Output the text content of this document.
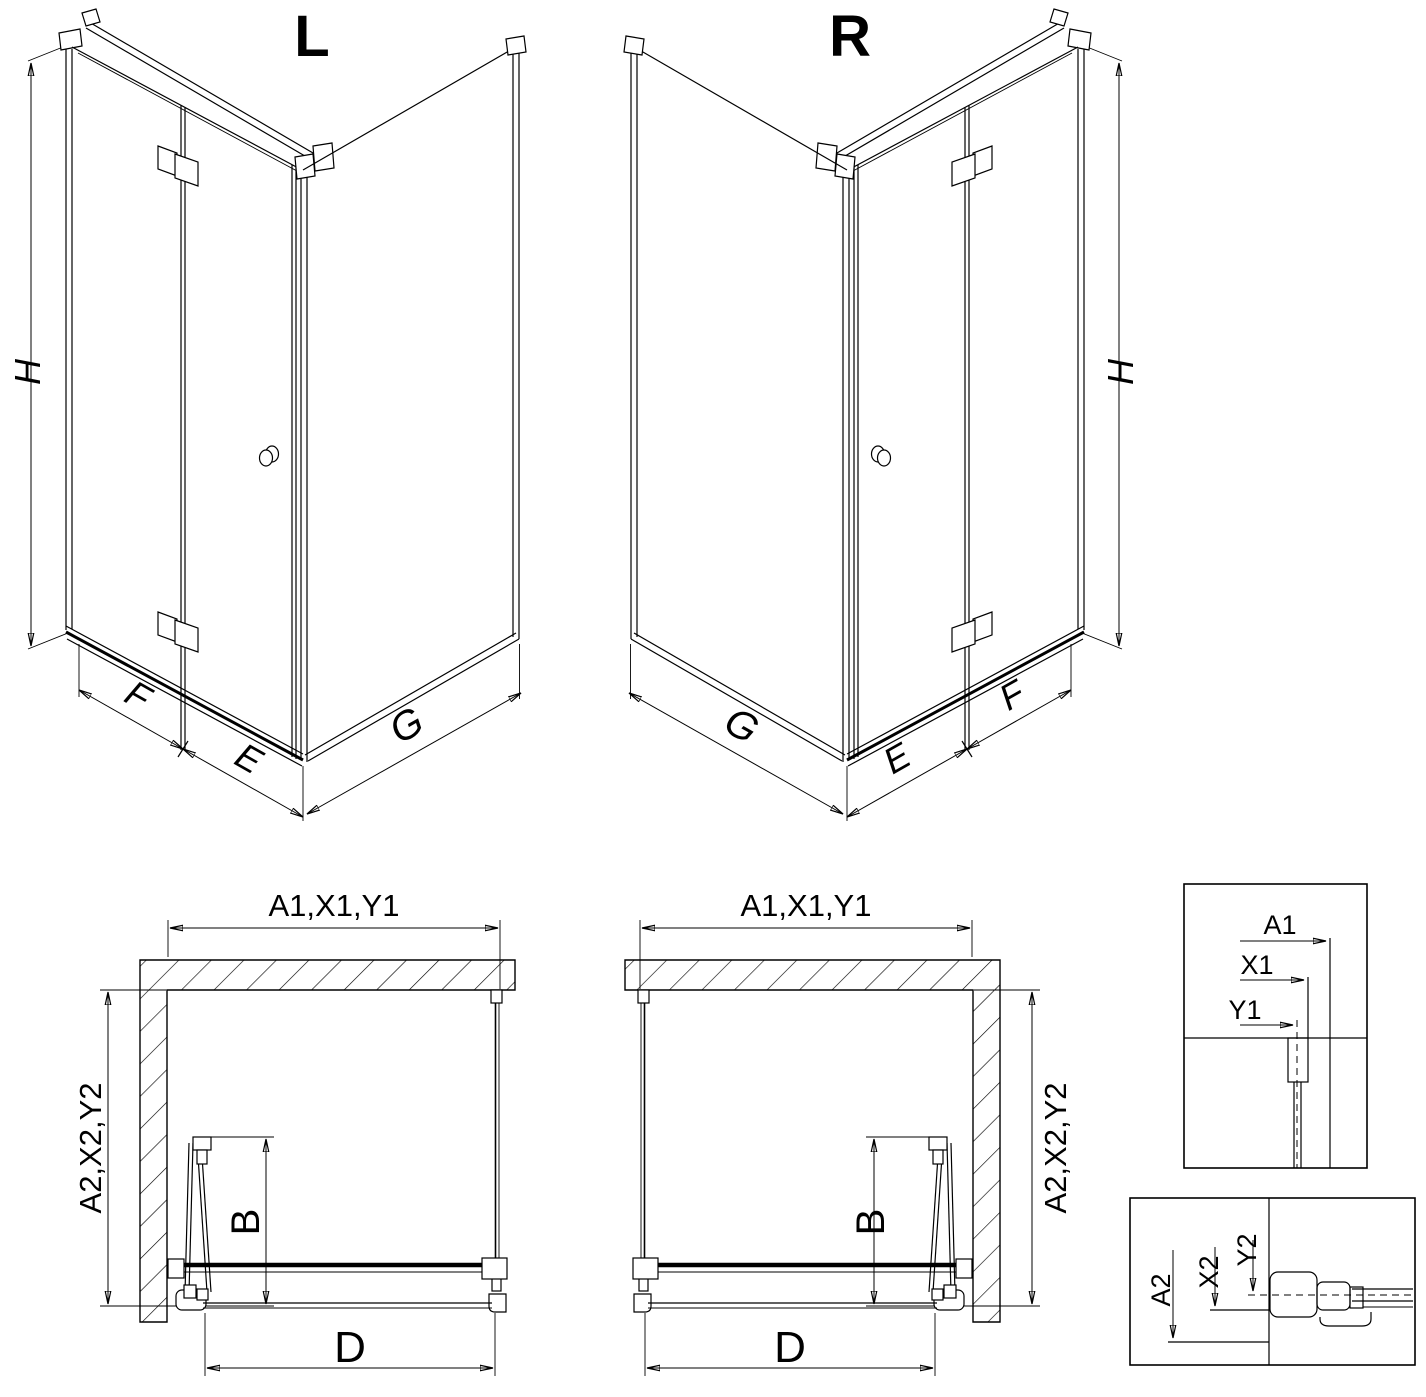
L
H
F
E
G
R
H
F
E
G
A1,X1,Y1
A2,X2,Y2
B
D
A1,X1,Y1
A2,X2,Y2
B
D
A1
X1
Y1
A2
X2
Y2
